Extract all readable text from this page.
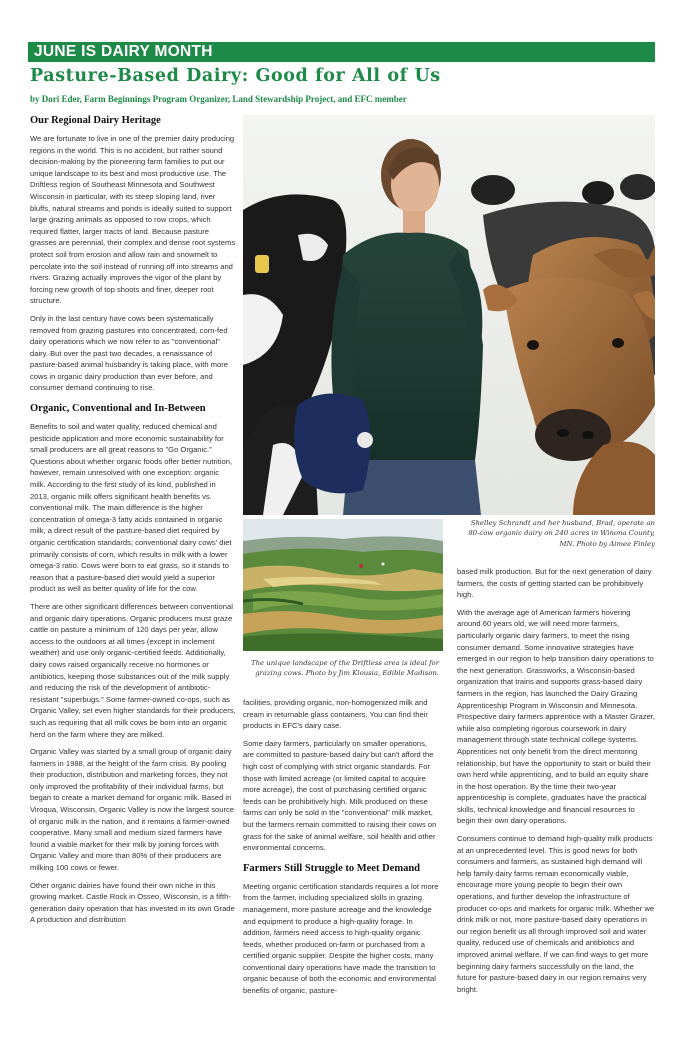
JUNE IS DAIRY MONTH
Pasture-Based Dairy: Good for All of Us
by Dori Eder, Farm Beginnings Program Organizer, Land Stewardship Project, and EFC member
Our Regional Dairy Heritage

We are fortunate to live in one of the premier dairy producing regions in the world. This is no accident, but rather sound decision-making by the pioneering farm families to put our unique landscape to its best and most productive use. The Driftless region of Southeast Minnesota and Southwest Wisconsin in particular, with its steep sloping land, river bluffs, natural streams and ponds is ideally suited to support large grazing animals as opposed to row crops, which required flatter, larger tracts of land. Because pasture grasses are perennial, their complex and dense root systems protect soil from erosion and allow rain and snowmelt to percolate into the soil instead of running off into streams and rivers. Grazing actually improves the vigor of the plant by forcing new growth of top shoots and finer, deeper root structure.

Only in the last century have cows been systematically removed from grazing pastures into concentrated, corn-fed dairy operations which we now refer to as "conventional" dairy. But over the past two decades, a renaissance of pasture-based animal husbandry is taking place, with more cows in organic dairy production than ever before, and consumer demand continuing to rise.

Organic, Conventional and In-Between

Benefits to soil and water quality, reduced chemical and pesticide application and more economic sustainability for small producers are all great reasons to "Go Organic." Questions about whether organic foods offer better nutrition, however, remain unresolved with one exception: organic milk. According to the first study of its kind, published in 2013, organic milk offers significant health benefits vs. conventional milk. The main difference is the higher concentration of omega-3 fatty acids contained in organic milk, a direct result of the pasture-based diet required by organic certification standards; conventional dairy cows' diet primarily consists of corn, which results in milk with a lower omega-3 ratio. Cows were born to eat grass, so it stands to reason that a pasture-based diet would yield a superior product as well as better quality of life for the cow.

There are other significant differences between conventional and organic dairy operations. Organic producers must graze cattle on pasture a minimum of 120 days per year, allow access to the outdoors at all times (except in inclement weather) and use only organic-certified feeds. Additionally, dairy cows raised organically receive no hormones or antibiotics, keeping those substances out of the milk supply and reducing the risk of the development of antibiotic-resistant "superbugs." Some farmer-owned co-ops, such as Organic Valley, set even higher standards for their producers, such as requiring that all milk cows be born into an organic herd on the farm where they are milked.

Organic Valley was started by a small group of organic dairy farmers in 1988, at the height of the farm crisis. By pooling their production, distribution and marketing forces, they not only improved the profitability of their individual farms, but began to create a market demand for organic milk. Based in Viroqua, Wisconsin, Organic Valley is now the largest source of organic milk in the nation, and it remains a farmer-owned cooperative. Many small and medium sized farmers have found a viable market for their milk by joining forces with Organic Valley and more than 80% of their producers are milking 100 cows or fewer.

Other organic dairies have found their own niche in this growing market. Castle Rock in Osseo, Wisconsin, is a fifth-generation dairy operation that has invested in its own Grade A production and distribution

Shelley Schrandt and her husband, Brad, operate an 80-cow organic dairy on 240 acres in Winona County, MN. Photo by Aimee Finley
The unique landscape of the Driftless area is ideal for grazing cows. Photo by Jim Klousia, Edible Madison.

facilities, providing organic, non-homogenized milk and cream in returnable glass containers. You can find their products in EFC's dairy case.

Some dairy farmers, particularly on smaller operations, are committed to pasture-based dairy but can't afford the high cost of complying with strict organic standards. For those with limited acreage (or limited capital to acquire more acreage), the cost of purchasing certified organic feeds can be prohibitively high. Milk produced on these farms can only be sold in the "conventional" milk market, but the farmers remain committed to raising their cows on grass for the sake of animal welfare, soil health and other environmental concerns.

Farmers Still Struggle to Meet Demand

Meeting organic certification standards requires a lot more from the farmer, including specialized skills in grazing management, more pasture acreage and the knowledge and equipment to produce a high-quality forage. In addition, farmers need access to high-quality organic feeds, whether produced on-farm or purchased from a certified organic supplier. Despite the higher costs, many conventional dairy operations have made the transition to organic because of both the economic and environmental benefits of organic, pasture-

based milk production. But for the next generation of dairy farmers, the costs of getting started can be prohibitively high.

With the average age of American farmers hovering around 60 years old, we will need more farmers, particularly organic dairy farmers, to meet the rising consumer demand. Some innovative strategies have emerged in our region to help transition dairy operations to the next generation. Grassworks, a Wisconsin-based organization that trains and supports grass-based dairy farmers in the region, has launched the Dairy Grazing Apprenticeship Program in Wisconsin and Minnesota. Prospective dairy farmers apprentice with a Master Grazer, while also completing rigorous coursework in dairy management through state technical college systems. Apprentices not only benefit from the direct mentoring relationship, but have the opportunity to start or build their own herd while apprenticing, and to build an equity share in the host operation. By the time their two-year apprenticeship is complete, graduates have the practical skills, technical knowledge and financial resources to begin their own dairy operations.

Consumers continue to demand high-quality milk products at an unprecedented level. This is good news for both consumers and farmers, as sustained high demand will help family dairy farms remain economically viable, encourage more young people to begin their own operations, and further develop the infrastructure of producer co-ops and markets for organic milk. Whether we drink milk or not, more pasture-based dairy operations in our region benefit us all through improved soil and water quality, reduced use of chemicals and antibiotics and improved animal welfare. If we can find ways to get more beginning dairy farmers successfully on the land, the future for pasture-based dairy in our region remains very bright.
